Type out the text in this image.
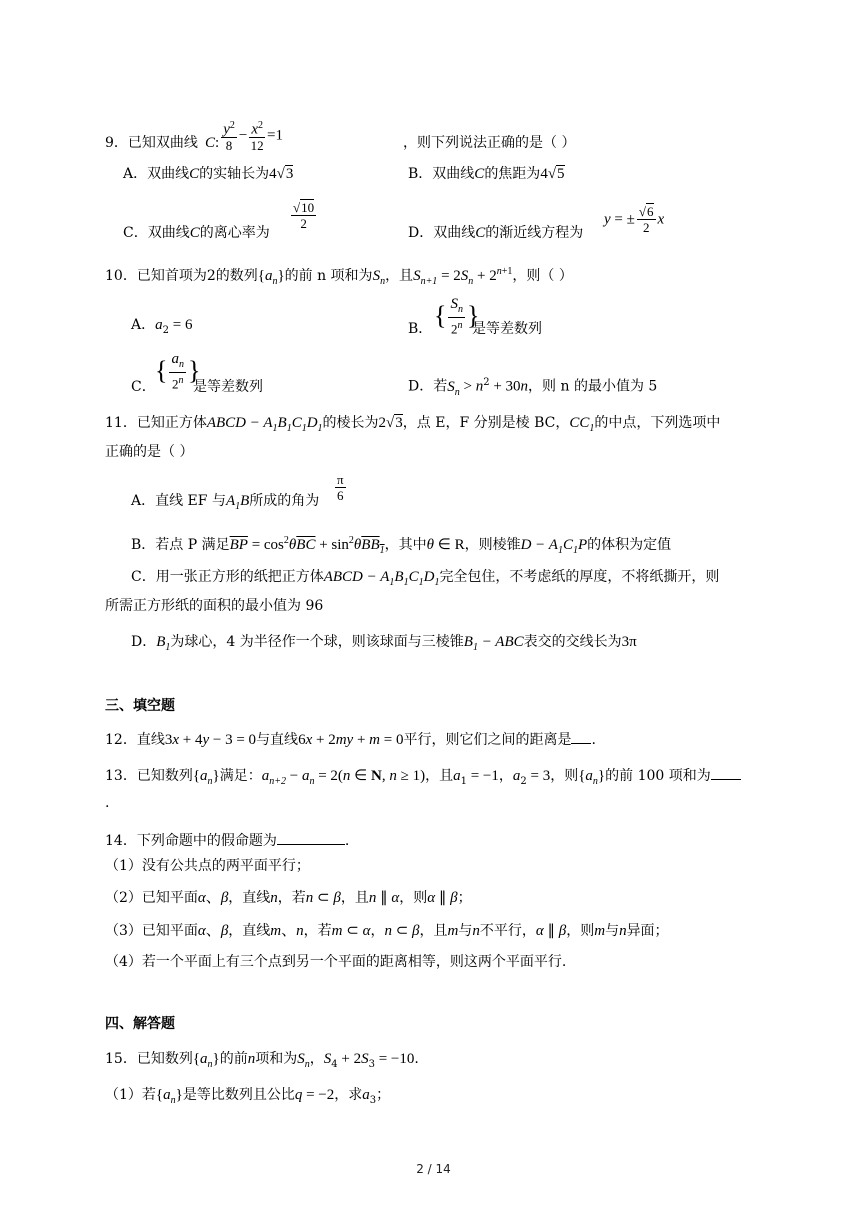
9．已知双曲线 C: $\frac{y^2}{8} - \frac{x^2}{12} =1$	，则下列说法正确的是（ ）
A．双曲线C的实轴长为4√3	B．双曲线C的焦距为4√5
C．双曲线C的离心率为
$\frac{√10}{2}$
D．双曲线C的渐近线方程为
y = ± $\frac{√6}{2}$ x
10．已知首项为2的数列$\{a_n\}$的前 n 项和为$S_n$，且$S_{n+1} = 2S_n + 2^{n+1}$，则（ ）
A．$a_2 = 6$	B． { $\frac{S_n}{2^n}$ }
是等差数列
C．
{ $\frac{a_n}{2^n}$ }
是等差数列	D．若$S_n > n^2 + 30n$，则 n 的最小值为 5
11．已知正方体ABCD − $A_1B_1C_1D_1$的棱长为2√3，点 E，F 分别是棱 BC，$CC_1$的中点，下列选项中
正确的是（ ）
A．直线 EF 与$A_1B$所成的角为 $\frac{\pi}{6}$
B．若点 P 满足$\overline{BP} = \cos^2\theta\overline{BC} + \sin^2\theta BB_1$，其中θ ∈ R，则棱锥$D - A_1C_1P$的体积为定值
C．用一张正方形的纸把正方体ABCD − $A_1B_1C_1D_1$完全包住，不考虑纸的厚度，不将纸撕开，则
所需正方形纸的面积的最小值为 96
D．$B_1$为球心，4 为半径作一个球，则该球面与三棱锥$B_1$ − ABC表交的交线长为3π
三、填空题
12．直线3x + 4y − 3 = 0与直线6x + 2my + m = 0平行，则它们之间的距离是 .
13．已知数列$\{a_n\}$满足：$a_{n+2} - a_n = 2(n$ ∈ N, n ≥ 1)，且$a_1 = -1$，$a_2 = 3$，则$\{a_n\}$的前 100 项和为
.
14．下列命题中的假命题为	.
（1）没有公共点的两平面平行；
（2）已知平面α、β，直线n，若n ⊂ β，且n ∥ α，则α ∥ β；
（3）已知平面α、β，直线m、n，若m ⊂ α，n ⊂ β，且m与n不平行，α ∥ β，则m与n异面；
（4）若一个平面上有三个点到另一个平面的距离相等，则这两个平面平行.
四、解答题
15．已知数列$\{a_n\}$的前n项和为$S_n$，$S_4 + 2S_3 = -10$.
（1）若$\{a_n\}$是等比数列且公比q = −2，求$a_3$；
2 / 14
